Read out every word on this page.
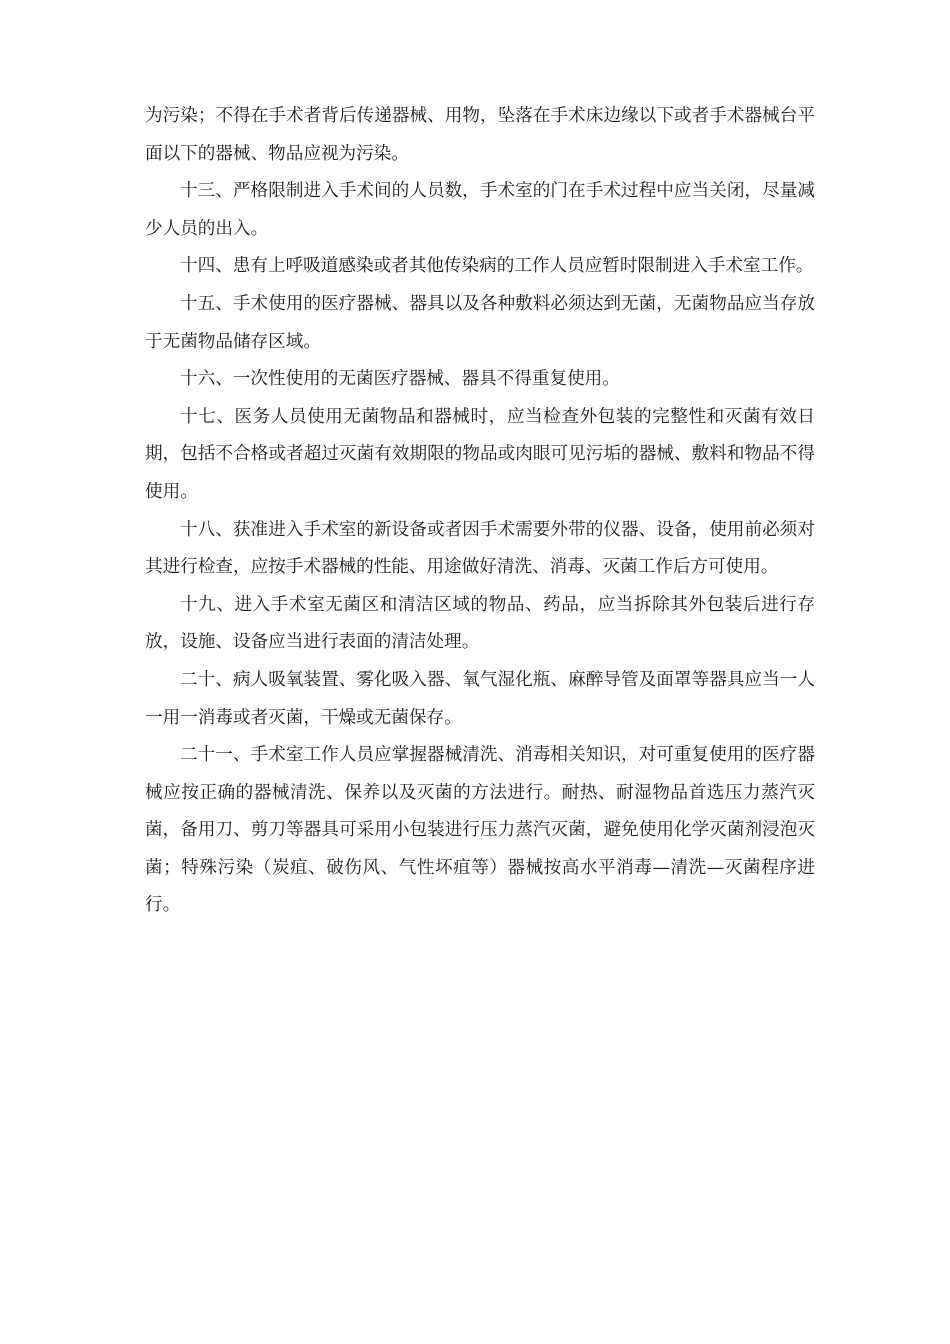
为污染；不得在手术者背后传递器械、用物，坠落在手术床边缘以下或者手术器械台平面以下的器械、物品应视为污染。

十三、严格限制进入手术间的人员数，手术室的门在手术过程中应当关闭，尽量减少人员的出入。

十四、患有上呼吸道感染或者其他传染病的工作人员应暂时限制进入手术室工作。

十五、手术使用的医疗器械、器具以及各种敷料必须达到无菌，无菌物品应当存放于无菌物品储存区域。

十六、一次性使用的无菌医疗器械、器具不得重复使用。

十七、医务人员使用无菌物品和器械时，应当检查外包装的完整性和灭菌有效日期，包括不合格或者超过灭菌有效期限的物品或肉眼可见污垢的器械、敷料和物品不得使用。

十八、获准进入手术室的新设备或者因手术需要外带的仪器、设备，使用前必须对其进行检查，应按手术器械的性能、用途做好清洗、消毒、灭菌工作后方可使用。

十九、进入手术室无菌区和清洁区域的物品、药品，应当拆除其外包装后进行存放，设施、设备应当进行表面的清洁处理。

二十、病人吸氧装置、雾化吸入器、氧气湿化瓶、麻醉导管及面罩等器具应当一人一用一消毒或者灭菌，干燥或无菌保存。

二十一、手术室工作人员应掌握器械清洗、消毒相关知识，对可重复使用的医疗器械应按正确的器械清洗、保养以及灭菌的方法进行。耐热、耐湿物品首选压力蒸汽灭菌，备用刀、剪刀等器具可采用小包装进行压力蒸汽灭菌，避免使用化学灭菌剂浸泡灭菌；特殊污染（炭疽、破伤风、气性坏疽等）器械按高水平消毒—清洗—灭菌程序进行。
